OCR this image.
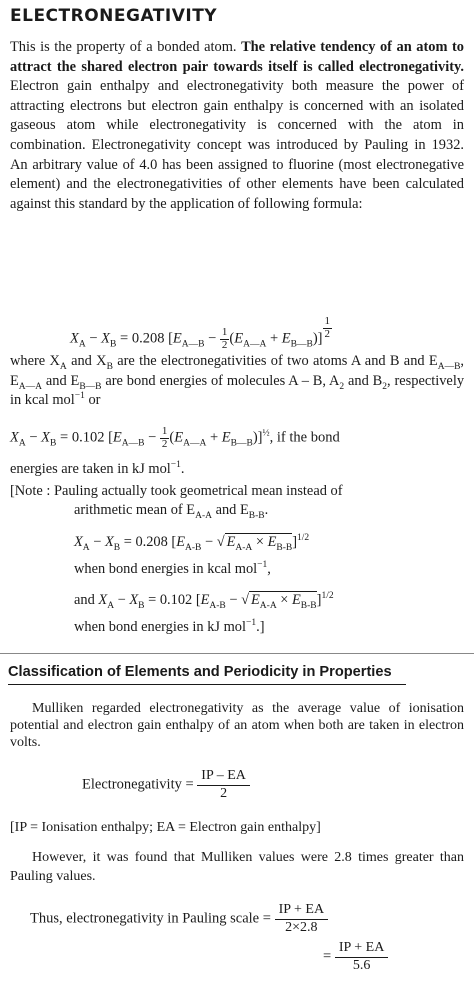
ELECTRONEGATIVITY
This is the property of a bonded atom. The relative tendency of an atom to attract the shared electron pair towards itself is called electronegativity. Electron gain enthalpy and electronegativity both measure the power of attracting electrons but electron gain enthalpy is concerned with an isolated gaseous atom while electronegativity is concerned with the atom in combination. Electronegativity concept was introduced by Pauling in 1932. An arbitrary value of 4.0 has been assigned to fluorine (most electronegative element) and the electronegativities of other elements have been calculated against this standard by the application of following formula:
$X_A - X_B = 0.208$ $[E_{A—B} - \frac{1}{2} (E_{A—A} + E_{B—B})] \frac{1}{2}$
where $X_A$ and $X_B$ are the electronegativities of two atoms A and B and $E_{A—B}$, $E_{A—A}$ and $E_{B—B}$ are bond energies of molecules A – B, $A_2$ and $B_2$, respectively in kcal mol$^{-1}$ or
$X_A - X_B = 0.102$ $[E_{A—B} - \frac{1}{2} (E_{A—A} + E_{B—B})]^{\frac{1}{2}}$, if the bond
energies are taken in kJ mol$^{-1}$.
[Note : Pauling actually took geometrical mean instead of
arithmetic mean of $E_{A-A}$ and $E_{B-B}$.
$X_A - X_B = 0.208$ [$E_{A-B}$ − √ $E_{A-A} \times E_{B-B}]^{1/2}$
when bond energies in kcal mol$^{-1}$,
and $X_A - X_B = 0.102$ [$E_{A-B}$ − √ $E_{A-A} \times E_{B-B}]^{1/2}$
when bond energies in kJ mol$^{-1}$.]
Classification of Elements and Periodicity in Properties
Mulliken regarded electronegativity as the average value of ionisation potential and electron gain enthalpy of an atom when both are taken in electron volts.
Electronegativity = $\frac{IP - EA}{2}$
[IP = Ionisation enthalpy; EA = Electron gain enthalpy]
However, it was found that Mulliken values were 2.8 times greater than Pauling values.
Thus, electronegativity in Pauling scale = $\frac{IP + EA}{2\times 2.8}$
= $\frac{IP + EA}{5.6}$
